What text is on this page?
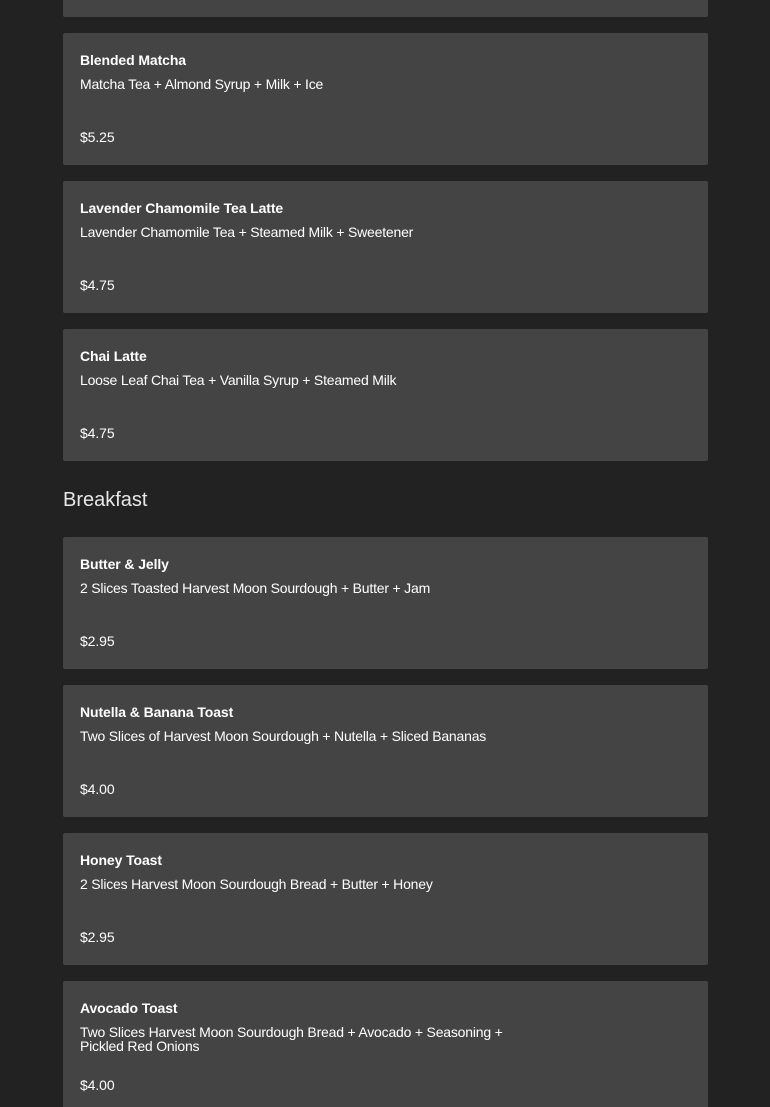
Blended Matcha
Matcha Tea + Almond Syrup + Milk + Ice
$5.25
Lavender Chamomile Tea Latte
Lavender Chamomile Tea + Steamed Milk + Sweetener
$4.75
Chai Latte
Loose Leaf Chai Tea + Vanilla Syrup + Steamed Milk
$4.75
Breakfast
Butter & Jelly
2 Slices Toasted Harvest Moon Sourdough + Butter + Jam
$2.95
Nutella & Banana Toast
Two Slices of Harvest Moon Sourdough + Nutella + Sliced Bananas
$4.00
Honey Toast
2 Slices Harvest Moon Sourdough Bread + Butter + Honey
$2.95
Avocado Toast
Two Slices Harvest Moon Sourdough Bread + Avocado + Seasoning + Pickled Red Onions
$4.00
